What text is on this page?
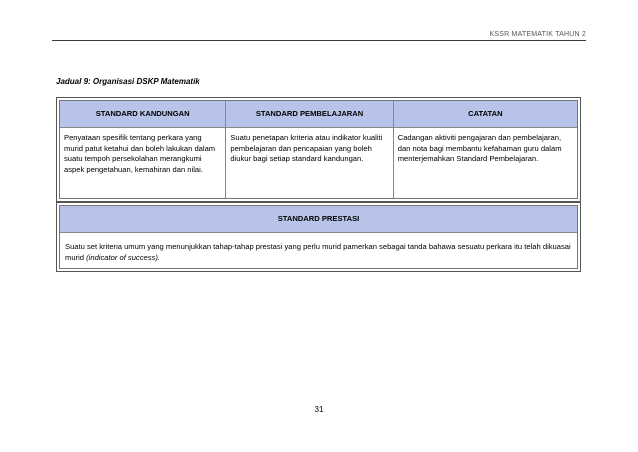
KSSR MATEMATIK TAHUN 2
Jadual 9: Organisasi DSKP Matematik
STANDARD KANDUNGAN	STANDARD PEMBELAJARAN	CATATAN
Penyataan spesifik tentang perkara yang murid patut ketahui dan boleh lakukan dalam suatu tempoh persekolahan merangkumi aspek pengetahuan, kemahiran dan nilai.
Suatu penetapan kriteria atau indikator kualiti pembelajaran dan pencapaian yang boleh diukur bagi setiap standard kandungan.
Cadangan aktiviti pengajaran dan pembelajaran, dan nota bagi membantu kefahaman guru dalam menterjemahkan Standard Pembelajaran.
STANDARD PRESTASI
Suatu set kriteria umum yang menunjukkan tahap-tahap prestasi yang perlu murid pamerkan sebagai tanda bahawa sesuatu perkara itu telah dikuasai murid (indicator of success).
31
